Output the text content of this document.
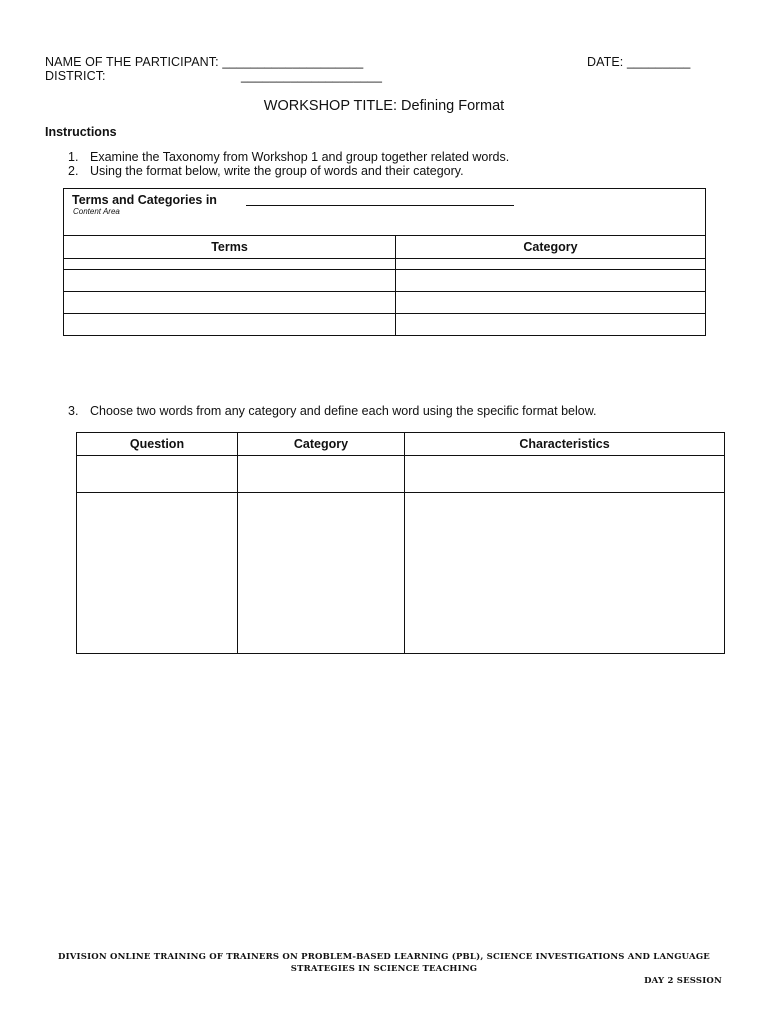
NAME OF THE PARTICIPANT: ____________________	DATE: _________
DISTRICT:	____________________
WORKSHOP TITLE: Defining Format
Instructions
1. Examine the Taxonomy from Workshop 1 and group together related words.
2. Using the format below, write the group of words and their category.
Terms and Categories in
Content Area	

Terms	Category

3. Choose two words from any category and define each word using the specific format below.
Question	Category	Characteristics

DIVISION ONLINE TRAINING OF TRAINERS ON PROBLEM-BASED LEARNING (PBL), SCIENCE INVESTIGATIONS AND LANGUAGE
STRATEGIES IN SCIENCE TEACHING
DAY 2 SESSION
